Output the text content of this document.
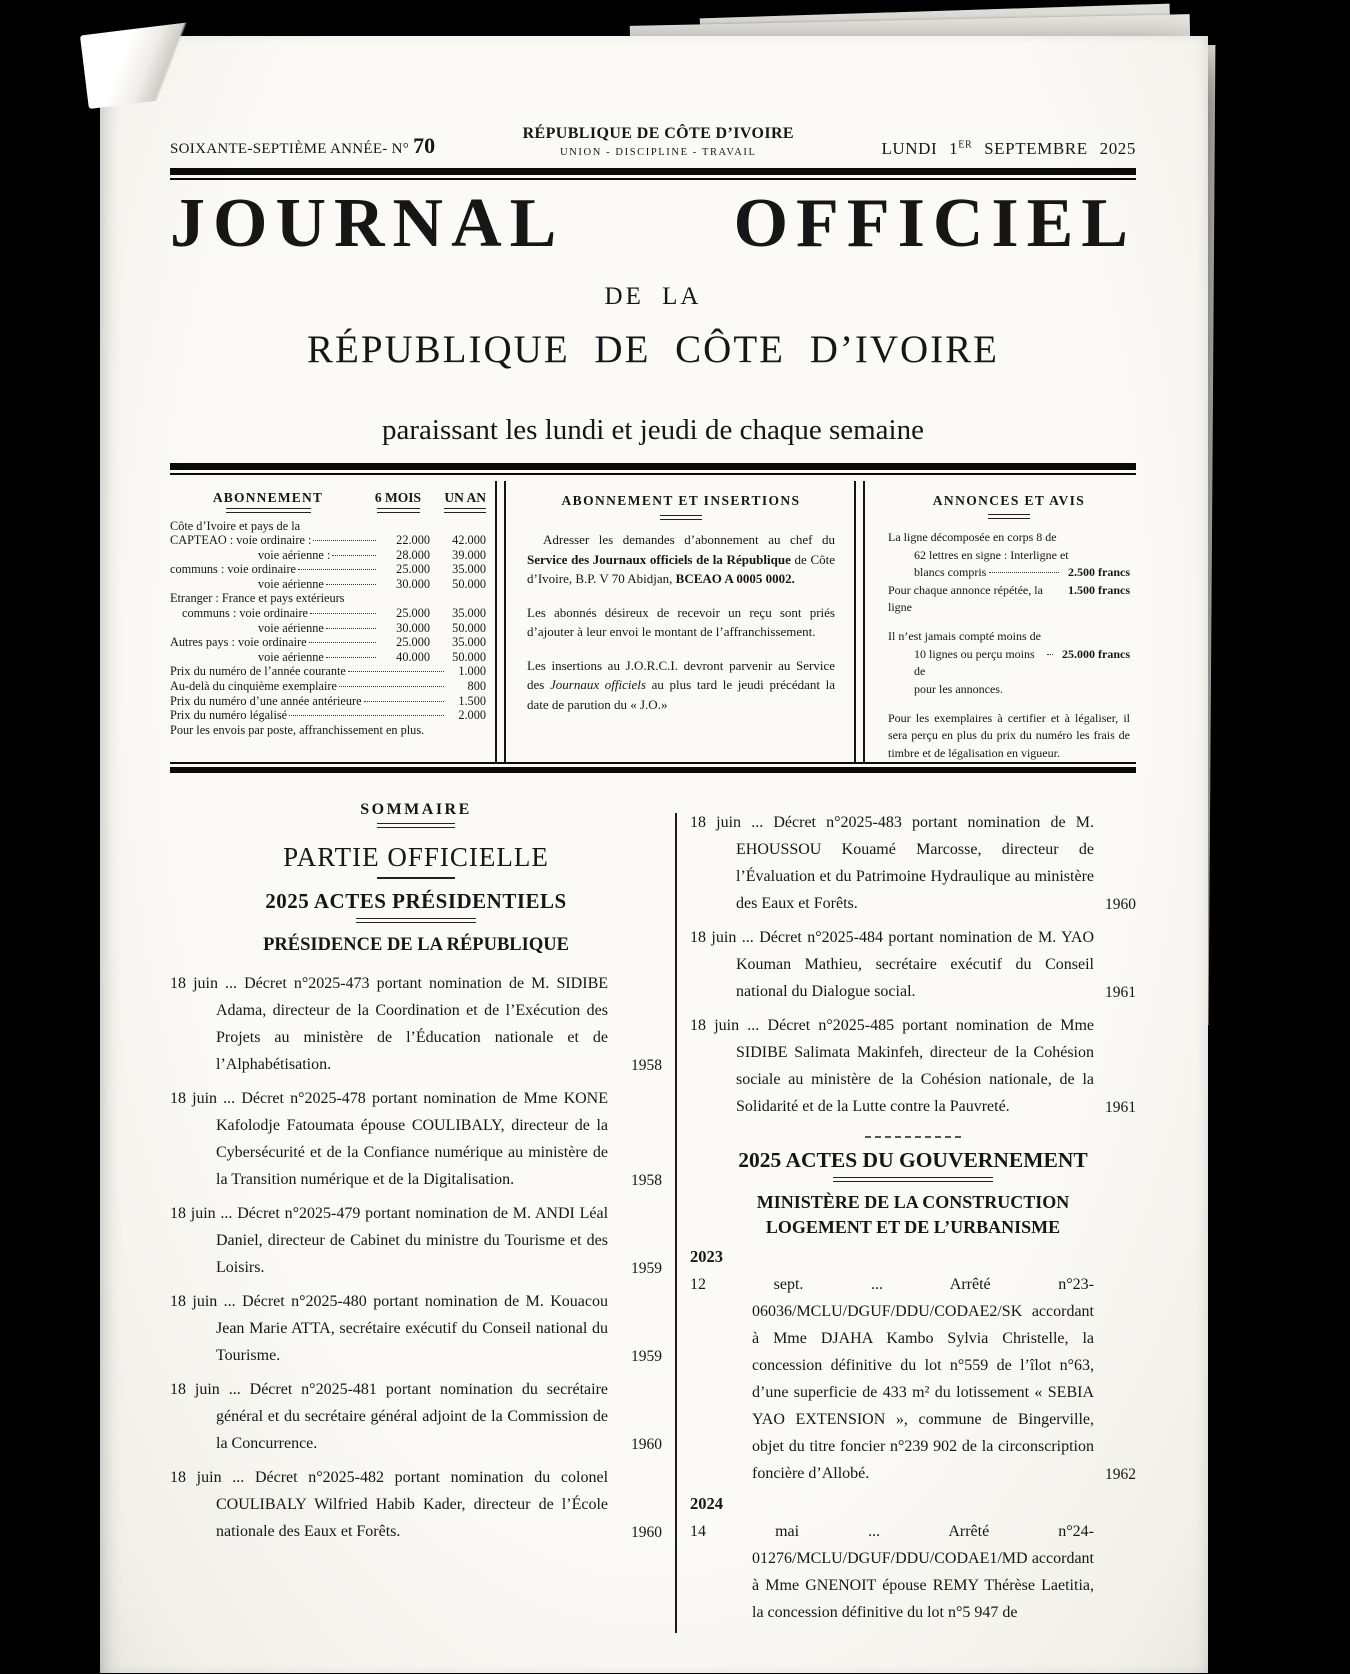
SOIXANTE-SEPTIÈME ANNÉE- N° 70	RÉPUBLIQUE DE CÔTE D’IVOIRE
UNION - DISCIPLINE - TRAVAIL	LUNDI 1ER SEPTEMBRE 2025
JOURNAL OFFICIEL
DE LA
RÉPUBLIQUE DE CÔTE D’IVOIRE
paraissant les lundi et jeudi de chaque semaine
ABONNEMENT	6 MOIS	UN AN
Côte d’Ivoire et pays de la
CAPTEAO : voie ordinaire :	22.000	42.000
voie aérienne :	28.000	39.000
communs : voie ordinaire	25.000	35.000
voie aérienne	30.000	50.000
Etranger : France et pays extérieurs
communs : voie ordinaire	25.000	35.000
voie aérienne	30.000	50.000
Autres pays : voie ordinaire	25.000	35.000
voie aérienne	40.000	50.000
Prix du numéro de l’année courante	1.000
Au-delà du cinquième exemplaire	800
Prix du numéro d’une année antérieure	1.500
Prix du numéro légalisé	2.000
Pour les envois par poste, affranchissement en plus.
ABONNEMENT ET INSERTIONS

Adresser les demandes d’abonnement au chef du Service des Journaux officiels de la République de Côte d’Ivoire, B.P. V 70 Abidjan, BCEAO A 0005 0002.

Les abonnés désireux de recevoir un reçu sont priés d’ajouter à leur envoi le montant de l’affranchissement.

Les insertions au J.O.R.C.I. devront parvenir au Service des Journaux officiels au plus tard le jeudi précédant la date de parution du « J.O.»

ANNONCES ET AVIS
La ligne décomposée en corps 8 de
62 lettres en signe : Interligne et
blancs compris	2.500 francs
Pour chaque annonce répétée, la ligne
1.500 francs
Il n’est jamais compté moins de
10 lignes ou perçu moins de
25.000 francs
pour les annonces.

Pour les exemplaires à certifier et à légaliser, il sera perçu en plus du prix du numéro les frais de timbre et de légalisation en vigueur.

SOMMAIRE
PARTIE OFFICIELLE
2025 ACTES PRÉSIDENTIELS
PRÉSIDENCE DE LA RÉPUBLIQUE

18 juin ... Décret n°2025-473 portant nomination de M. SIDIBE Adama, directeur de la Coordination et de l’Exécution des Projets au ministère de l’Éducation nationale et de l’Alphabétisation.	1958

18 juin ... Décret n°2025-478 portant nomination de Mme KONE Kafolodje Fatoumata épouse COULIBALY, directeur de la Cybersécurité et de la Confiance numérique au ministère de la Transition numérique et de la Digitalisation.	1958

18 juin ... Décret n°2025-479 portant nomination de M. ANDI Léal Daniel, directeur de Cabinet du ministre du Tourisme et des Loisirs.	1959

18 juin ... Décret n°2025-480 portant nomination de M. Kouacou Jean Marie ATTA, secrétaire exécutif du Conseil national du Tourisme.	1959

18 juin ... Décret n°2025-481 portant nomination du secrétaire général et du secrétaire général adjoint de la Commission de la Concurrence.	1960

18 juin ... Décret n°2025-482 portant nomination du colonel COULIBALY Wilfried Habib Kader, directeur de l’École nationale des Eaux et Forêts.	1960

18 juin ... Décret n°2025-483 portant nomination de M. EHOUSSOU Kouamé Marcosse, directeur de l’Évaluation et du Patrimoine Hydraulique au ministère des Eaux et Forêts.	1960

18 juin ... Décret n°2025-484 portant nomination de M. YAO Kouman Mathieu, secrétaire exécutif du Conseil national du Dialogue social.	1961

18 juin ... Décret n°2025-485 portant nomination de Mme SIDIBE Salimata Makinfeh, directeur de la Cohésion sociale au ministère de la Cohésion nationale, de la Solidarité et de la Lutte contre la Pauvreté.	1961
2025 ACTES DU GOUVERNEMENT
MINISTÈRE DE LA CONSTRUCTION
LOGEMENT ET DE L’URBANISME
2023

12 sept. ...	Arrêté n°23-06036/MCLU/DGUF/DDU/CODAE2/SK accordant à Mme DJAHA Kambo Sylvia Christelle, la concession définitive du lot n°559 de l’îlot n°63, d’une superficie de 433 m² du lotissement « SEBIA YAO EXTENSION », commune de Bingerville, objet du titre foncier n°239 902 de la circonscription foncière d’Allobé.	1962
2024

14 mai ...	Arrêté n°24-01276/MCLU/DGUF/DDU/CODAE1/MD accordant à Mme GNENOIT épouse REMY Thérèse Laetitia, la concession définitive du lot n°5 947 de
